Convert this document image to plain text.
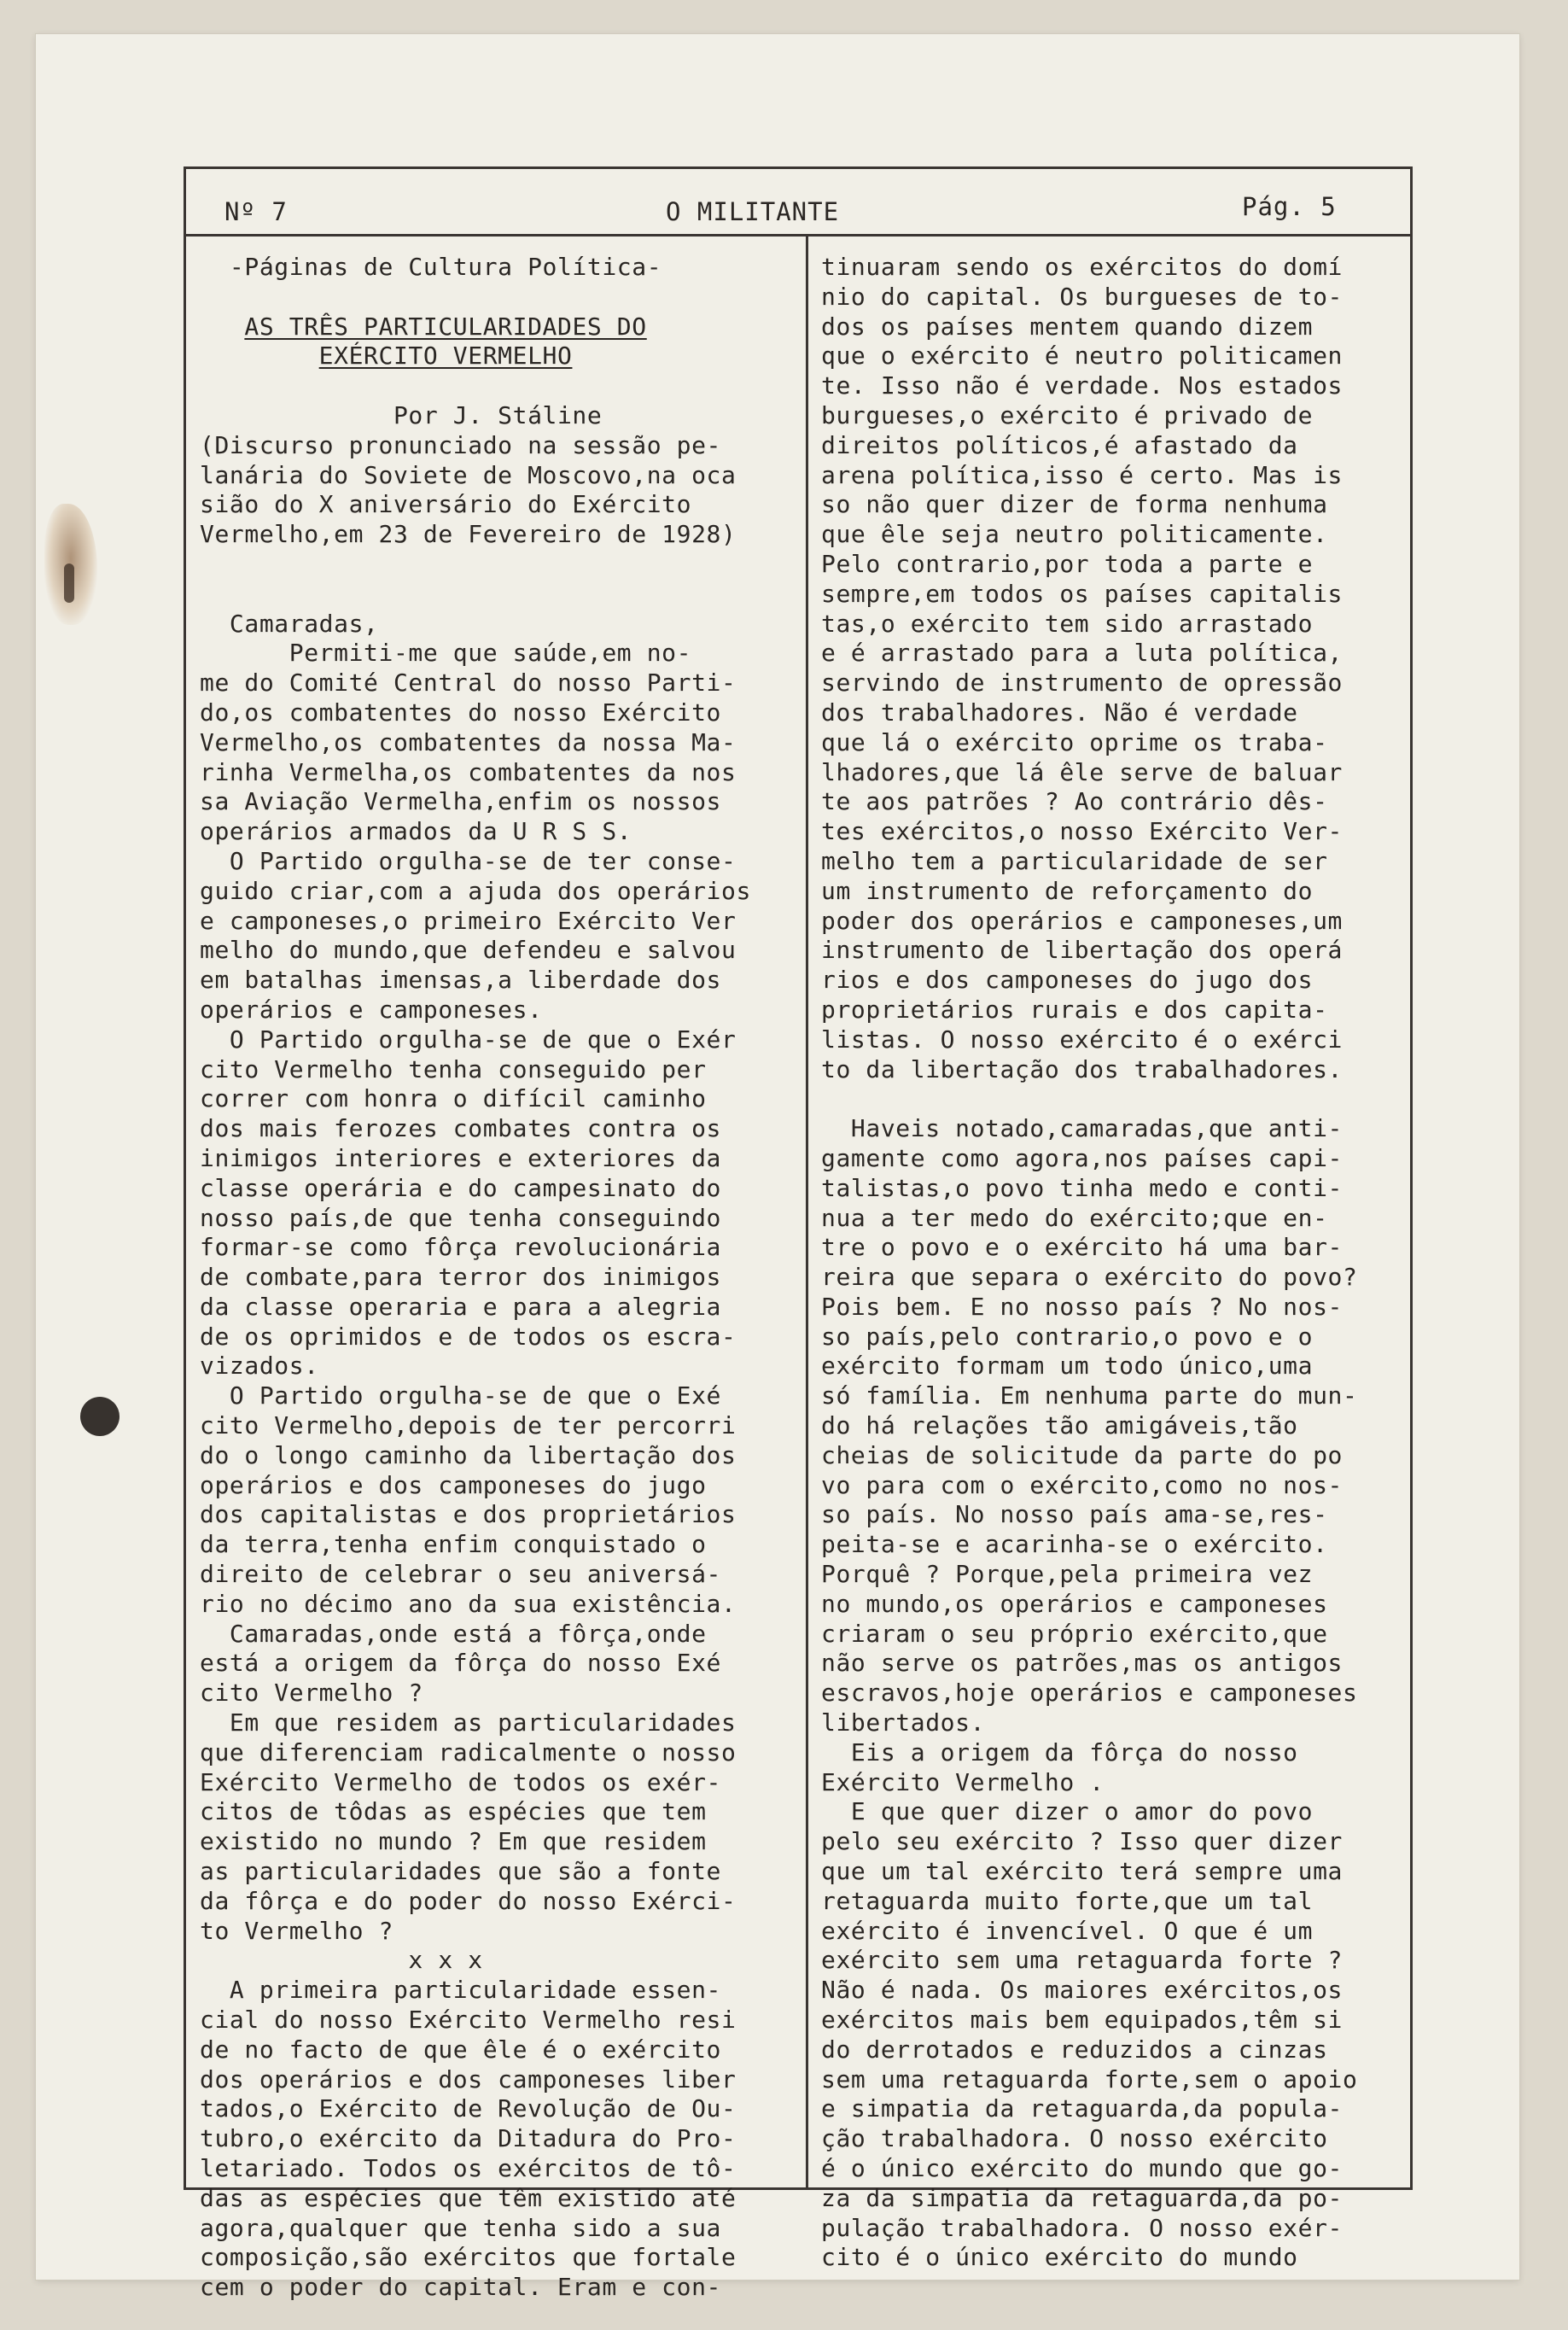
Nº 7	O MILITANTE	Pág. 5
-Páginas de Cultura Política-
AS TRÊS PARTICULARIDADES DO
EXÉRCITO VERMELHO
Por J. Stáline
(Discurso pronunciado na sessão pe-
lanária do Soviete de Moscovo,na oca
sião do X aniversário do Exército
Vermelho,em 23 de Fevereiro de 1928)
Camaradas,
Permiti-me que saúde,em no-
me do Comité Central do nosso Parti-
do,os combatentes do nosso Exército
Vermelho,os combatentes da nossa Ma-
rinha Vermelha,os combatentes da nos
sa Aviação Vermelha,enfim os nossos
operários armados da U R S S.
O Partido orgulha-se de ter conse-
guido criar,com a ajuda dos operários
e camponeses,o primeiro Exército Ver
melho do mundo,que defendeu e salvou
em batalhas imensas,a liberdade dos
operários e camponeses.
O Partido orgulha-se de que o Exér
cito Vermelho tenha conseguido per
correr com honra o difícil caminho
dos mais ferozes combates contra os
inimigos interiores e exteriores da
classe operária e do campesinato do
nosso país,de que tenha conseguindo
formar-se como fôrça revolucionária
de combate,para terror dos inimigos
da classe operaria e para a alegria
de os oprimidos e de todos os escra-
vizados.
O Partido orgulha-se de que o Exé
cito Vermelho,depois de ter percorri
do o longo caminho da libertação dos
operários e dos camponeses do jugo
dos capitalistas e dos proprietários
da terra,tenha enfim conquistado o
direito de celebrar o seu aniversá-
rio no décimo ano da sua existência.
Camaradas,onde está a fôrça,onde
está a origem da fôrça do nosso Exé
cito Vermelho ?
Em que residem as particularidades
que diferenciam radicalmente o nosso
Exército Vermelho de todos os exér-
citos de tôdas as espécies que tem
existido no mundo ? Em que residem
as particularidades que são a fonte
da fôrça e do poder do nosso Exérci-
to Vermelho ?
x x x
A primeira particularidade essen-
cial do nosso Exército Vermelho resi
de no facto de que êle é o exército
dos operários e dos camponeses liber
tados,o Exército de Revolução de Ou-
tubro,o exército da Ditadura do Pro-
letariado. Todos os exércitos de tô-
das as espécies que têm existido até
agora,qualquer que tenha sido a sua
composição,são exércitos que fortale
cem o poder do capital. Eram e con-
tinuaram sendo os exércitos do domí
nio do capital. Os burgueses de to-
dos os países mentem quando dizem
que o exército é neutro politicamen
te. Isso não é verdade. Nos estados
burgueses,o exército é privado de
direitos políticos,é afastado da
arena política,isso é certo. Mas is
so não quer dizer de forma nenhuma
que êle seja neutro politicamente.
Pelo contrario,por toda a parte e
sempre,em todos os países capitalis
tas,o exército tem sido arrastado
e é arrastado para a luta política,
servindo de instrumento de opressão
dos trabalhadores. Não é verdade
que lá o exército oprime os traba-
lhadores,que lá êle serve de baluar
te aos patrões ? Ao contrário dês-
tes exércitos,o nosso Exército Ver-
melho tem a particularidade de ser
um instrumento de reforçamento do
poder dos operários e camponeses,um
instrumento de libertação dos operá
rios e dos camponeses do jugo dos
proprietários rurais e dos capita-
listas. O nosso exército é o exérci
to da libertação dos trabalhadores.
Haveis notado,camaradas,que anti-
gamente como agora,nos países capi-
talistas,o povo tinha medo e conti-
nua a ter medo do exército;que en-
tre o povo e o exército há uma bar-
reira que separa o exército do povo?
Pois bem. E no nosso país ? No nos-
so país,pelo contrario,o povo e o
exército formam um todo único,uma
só família. Em nenhuma parte do mun-
do há relações tão amigáveis,tão
cheias de solicitude da parte do po
vo para com o exército,como no nos-
so país. No nosso país ama-se,res-
peita-se e acarinha-se o exército.
Porquê ? Porque,pela primeira vez
no mundo,os operários e camponeses
criaram o seu próprio exército,que
não serve os patrões,mas os antigos
escravos,hoje operários e camponeses
libertados.
Eis a origem da fôrça do nosso
Exército Vermelho .
E que quer dizer o amor do povo
pelo seu exército ? Isso quer dizer
que um tal exército terá sempre uma
retaguarda muito forte,que um tal
exército é invencível. O que é um
exército sem uma retaguarda forte ?
Não é nada. Os maiores exércitos,os
exércitos mais bem equipados,têm si
do derrotados e reduzidos a cinzas
sem uma retaguarda forte,sem o apoio
e simpatia da retaguarda,da popula-
ção trabalhadora. O nosso exército
é o único exército do mundo que go-
za da simpatia da retaguarda,da po-
pulação trabalhadora. O nosso exér-
cito é o único exército do mundo
